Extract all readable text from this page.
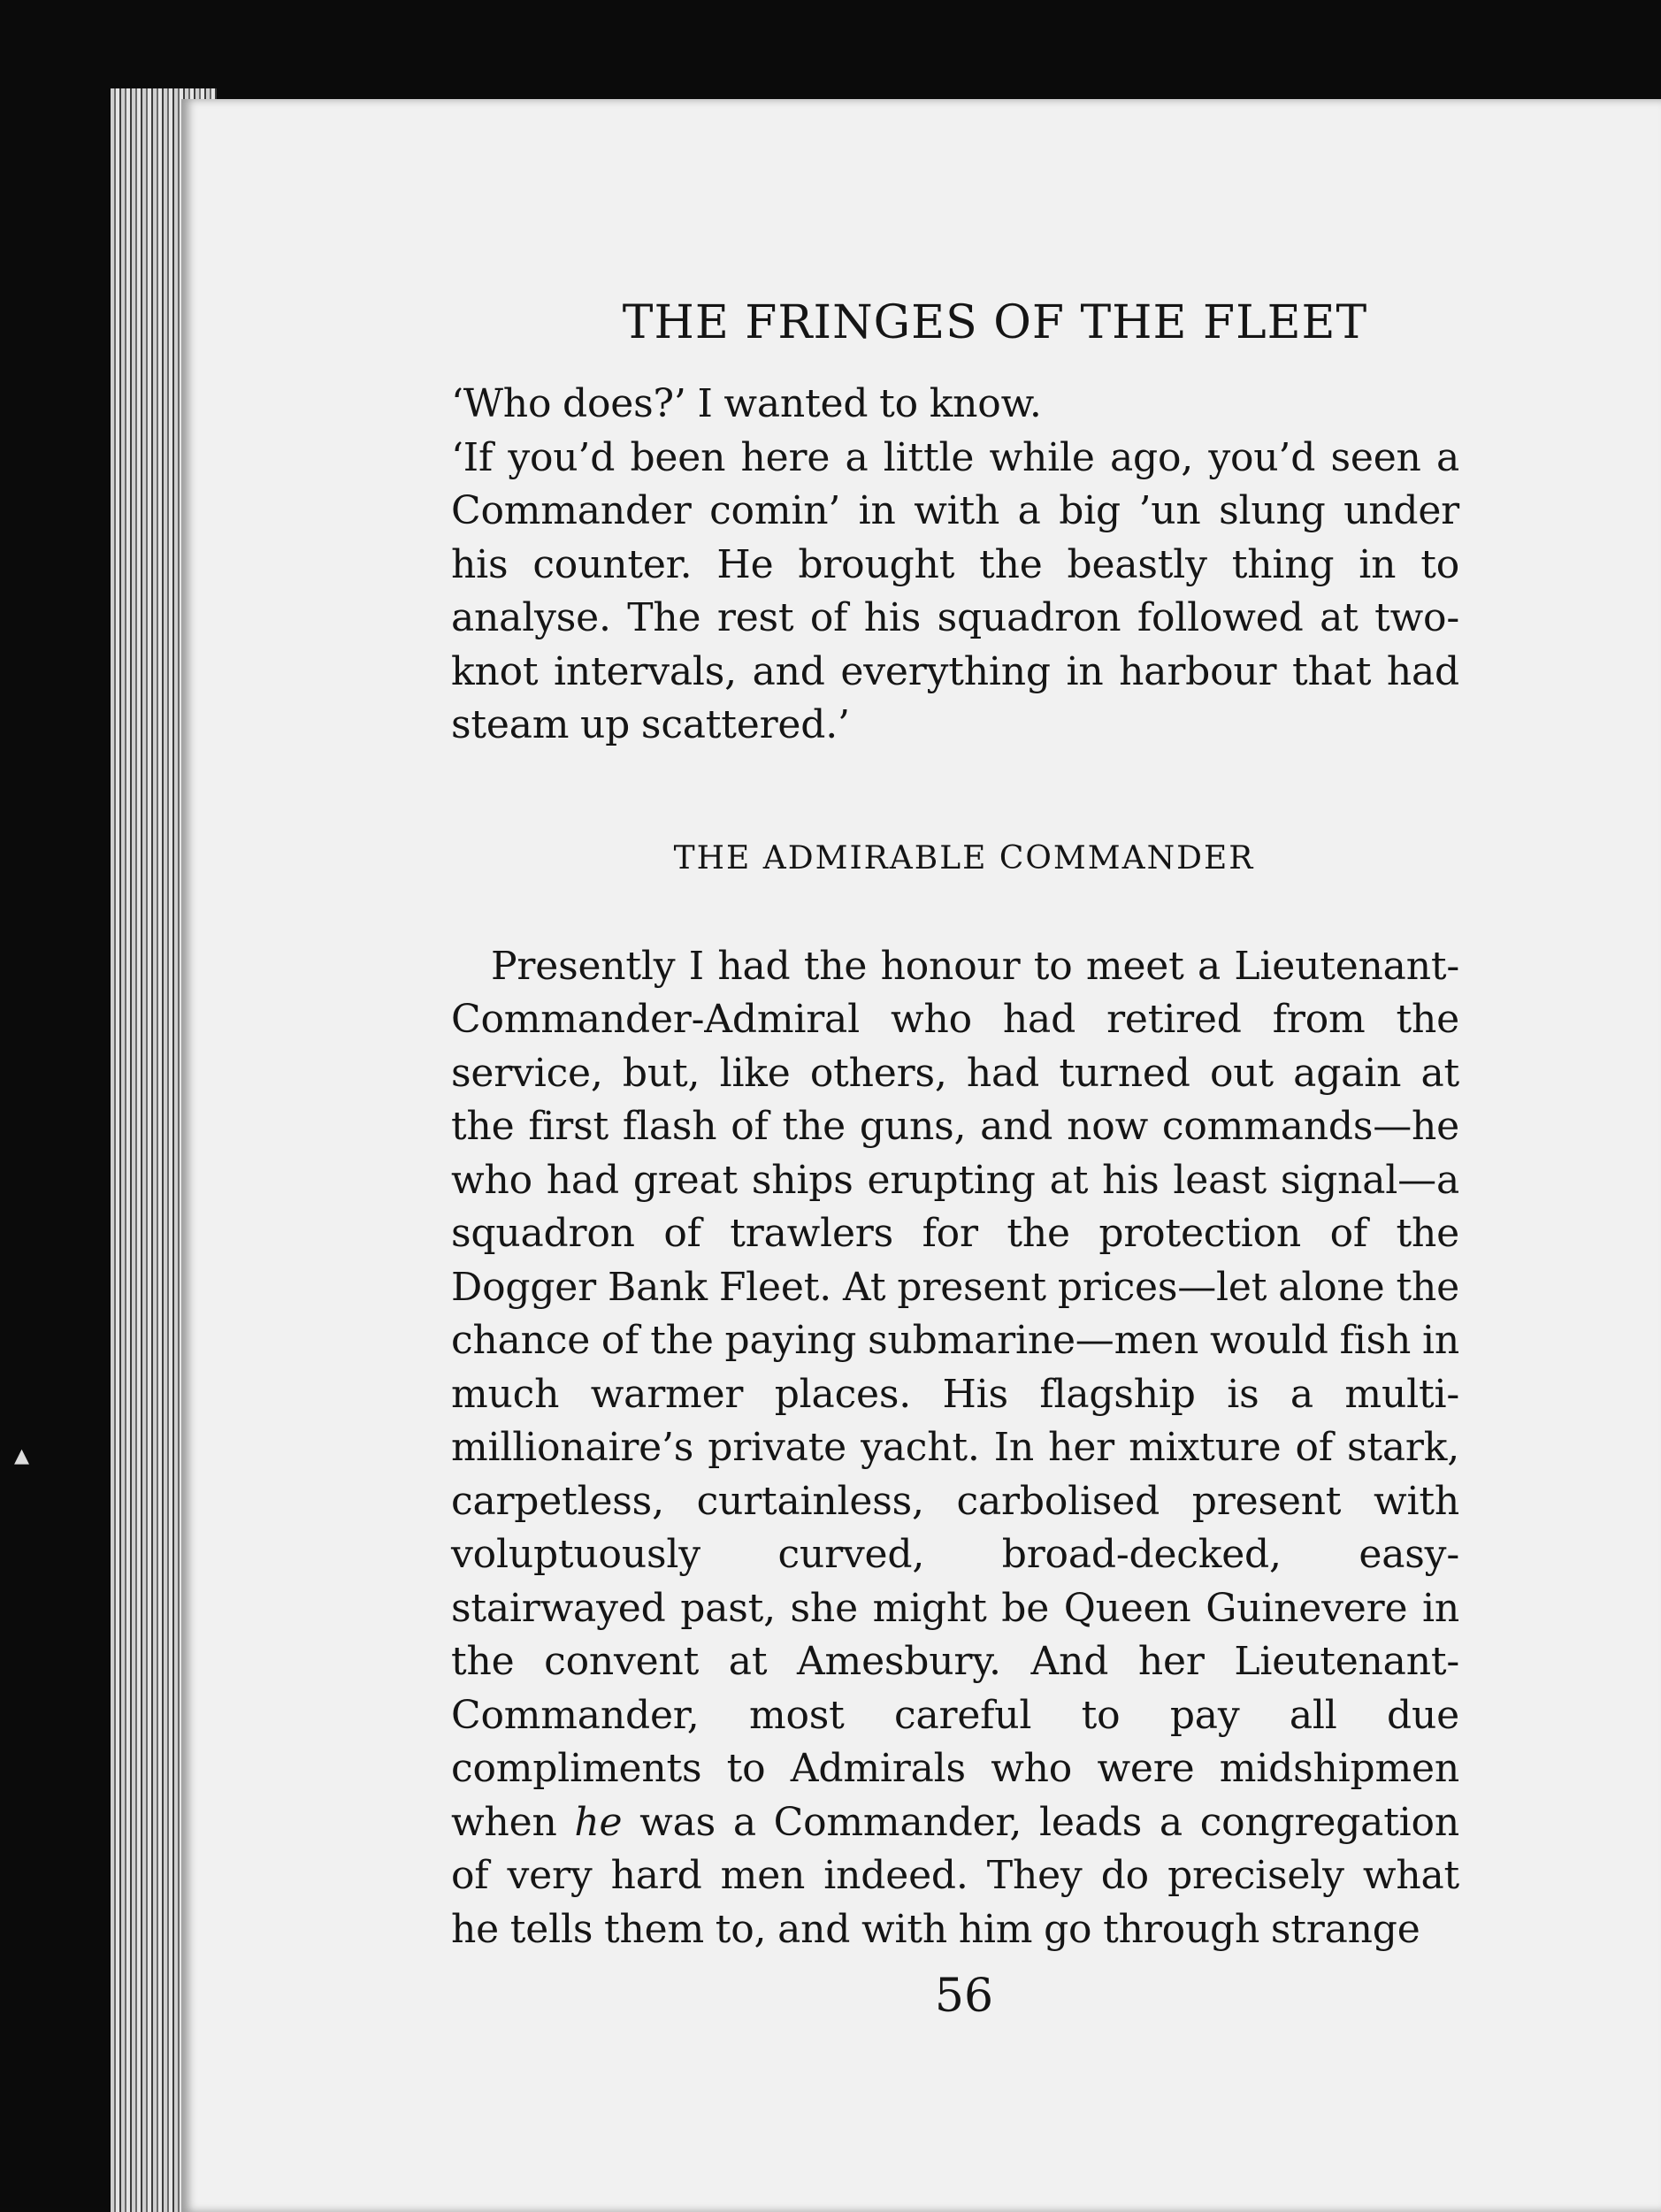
▴
THE FRINGES OF THE FLEET

‘Who does?’ I wanted to know.

‘If you’d been here a little while ago, you’d seen a Commander comin’ in with a big ’un slung under his counter. He brought the beastly thing in to analyse. The rest of his squadron followed at two-knot intervals, and everything in harbour that had steam up scattered.’

THE ADMIRABLE COMMANDER

Presently I had the honour to meet a Lieutenant-Commander-Admiral who had retired from the service, but, like others, had turned out again at the first flash of the guns, and now commands—he who had great ships erupting at his least signal—a squadron of trawlers for the protection of the Dogger Bank Fleet. At present prices—let alone the chance of the paying submarine—men would fish in much warmer places. His flagship is a multi-millionaire’s private yacht. In her mixture of stark, carpetless, curtainless, carbolised present with voluptuously curved, broad-decked, easy-stairwayed past, she might be Queen Guinevere in the convent at Amesbury. And her Lieutenant-Commander, most careful to pay all due compliments to Admirals who were midshipmen when he was a Commander, leads a congregation of very hard men indeed. They do precisely what he tells them to, and with him go through strange

56
